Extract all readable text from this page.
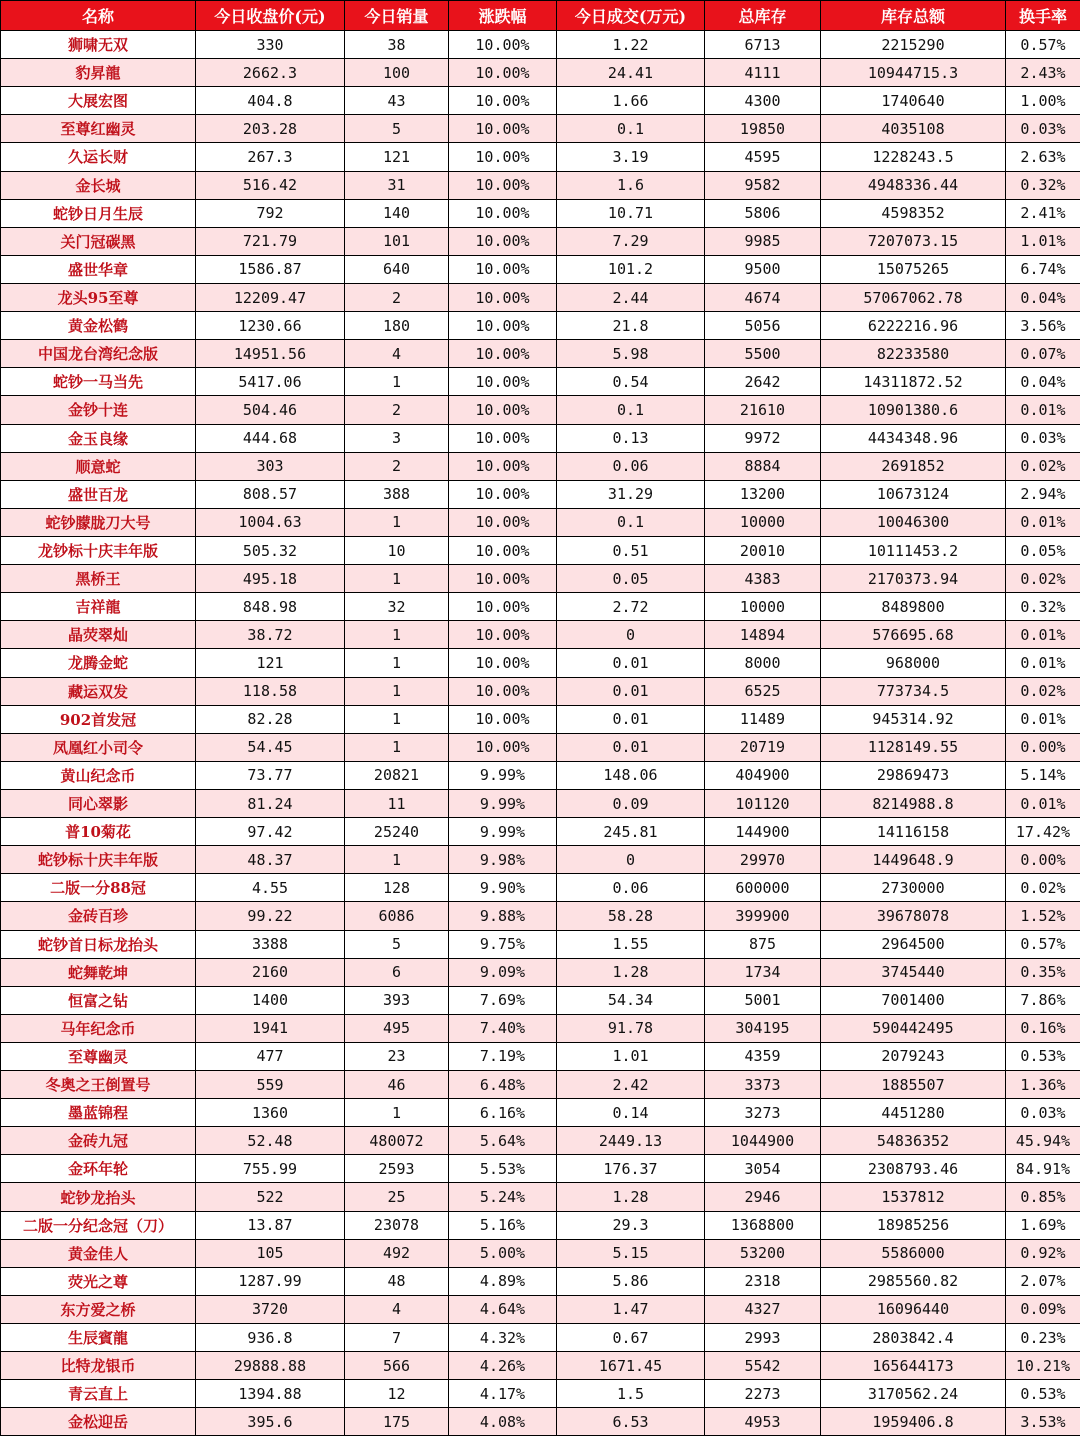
名称	今日收盘价(元)	今日销量	涨跌幅	今日成交(万元)	总库存	库存总额	换手率
狮啸无双	330	38	10.00%	1.22	6713	2215290	0.57%
豹昇龍	2662.3	100	10.00%	24.41	4111	10944715.3	2.43%
大展宏图	404.8	43	10.00%	1.66	4300	1740640	1.00%
至尊红幽灵	203.28	5	10.00%	0.1	19850	4035108	0.03%
久运长财	267.3	121	10.00%	3.19	4595	1228243.5	2.63%
金长城	516.42	31	10.00%	1.6	9582	4948336.44	0.32%
蛇钞日月生辰	792	140	10.00%	10.71	5806	4598352	2.41%
关门冠碳黑	721.79	101	10.00%	7.29	9985	7207073.15	1.01%
盛世华章	1586.87	640	10.00%	101.2	9500	15075265	6.74%
龙头95至尊	12209.47	2	10.00%	2.44	4674	57067062.78	0.04%
黄金松鹤	1230.66	180	10.00%	21.8	5056	6222216.96	3.56%
中国龙台湾纪念版	14951.56	4	10.00%	5.98	5500	82233580	0.07%
蛇钞一马当先	5417.06	1	10.00%	0.54	2642	14311872.52	0.04%
金钞十连	504.46	2	10.00%	0.1	21610	10901380.6	0.01%
金玉良缘	444.68	3	10.00%	0.13	9972	4434348.96	0.03%
顺意蛇	303	2	10.00%	0.06	8884	2691852	0.02%
盛世百龙	808.57	388	10.00%	31.29	13200	10673124	2.94%
蛇钞朦胧刀大号	1004.63	1	10.00%	0.1	10000	10046300	0.01%
龙钞标十庆丰年版	505.32	10	10.00%	0.51	20010	10111453.2	0.05%
黑桥王	495.18	1	10.00%	0.05	4383	2170373.94	0.02%
吉祥龍	848.98	32	10.00%	2.72	10000	8489800	0.32%
晶荧翠灿	38.72	1	10.00%	0	14894	576695.68	0.01%
龙腾金蛇	121	1	10.00%	0.01	8000	968000	0.01%
藏运双发	118.58	1	10.00%	0.01	6525	773734.5	0.02%
902首发冠	82.28	1	10.00%	0.01	11489	945314.92	0.01%
凤凰红小司令	54.45	1	10.00%	0.01	20719	1128149.55	0.00%
黄山纪念币	73.77	20821	9.99%	148.06	404900	29869473	5.14%
同心翠影	81.24	11	9.99%	0.09	101120	8214988.8	0.01%
普10菊花	97.42	25240	9.99%	245.81	144900	14116158	17.42%
蛇钞标十庆丰年版	48.37	1	9.98%	0	29970	1449648.9	0.00%
二版一分88冠	4.55	128	9.90%	0.06	600000	2730000	0.02%
金砖百珍	99.22	6086	9.88%	58.28	399900	39678078	1.52%
蛇钞首日标龙抬头	3388	5	9.75%	1.55	875	2964500	0.57%
蛇舞乾坤	2160	6	9.09%	1.28	1734	3745440	0.35%
恒富之钻	1400	393	7.69%	54.34	5001	7001400	7.86%
马年纪念币	1941	495	7.40%	91.78	304195	590442495	0.16%
至尊幽灵	477	23	7.19%	1.01	4359	2079243	0.53%
冬奥之王倒置号	559	46	6.48%	2.42	3373	1885507	1.36%
墨蓝锦程	1360	1	6.16%	0.14	3273	4451280	0.03%
金砖九冠	52.48	480072	5.64%	2449.13	1044900	54836352	45.94%
金环年轮	755.99	2593	5.53%	176.37	3054	2308793.46	84.91%
蛇钞龙抬头	522	25	5.24%	1.28	2946	1537812	0.85%
二版一分纪念冠（刀）	13.87	23078	5.16%	29.3	1368800	18985256	1.69%
黄金佳人	105	492	5.00%	5.15	53200	5586000	0.92%
荧光之尊	1287.99	48	4.89%	5.86	2318	2985560.82	2.07%
东方爱之桥	3720	4	4.64%	1.47	4327	16096440	0.09%
生辰賓龍	936.8	7	4.32%	0.67	2993	2803842.4	0.23%
比特龙银币	29888.88	566	4.26%	1671.45	5542	165644173	10.21%
青云直上	1394.88	12	4.17%	1.5	2273	3170562.24	0.53%
金松迎岳	395.6	175	4.08%	6.53	4953	1959406.8	3.53%
